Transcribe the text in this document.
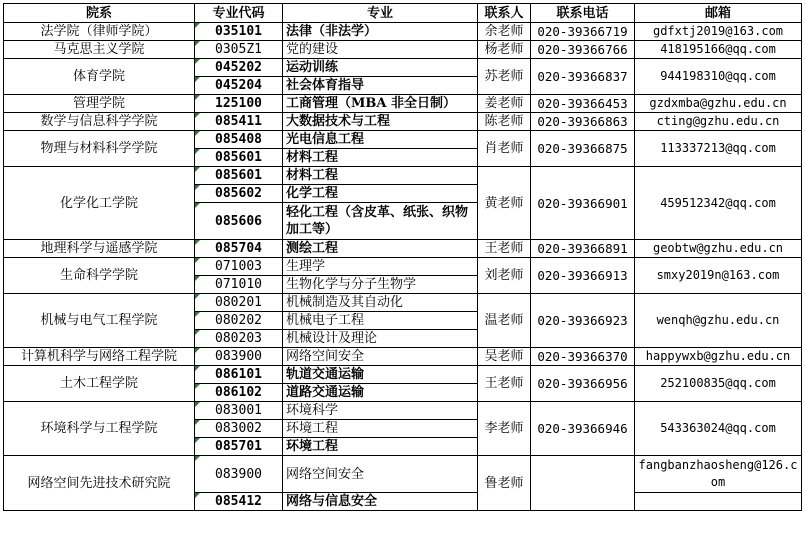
院系	专业代码	专业	联系人	联系电话	邮箱
法学院（律师学院）	035101	法律（非法学）	余老师	020-39366719	gdfxtj2019@163.com
马克思主义学院	0305Z1	党的建设	杨老师	020-39366766	418195166@qq.com
体育学院	045202	运动训练	苏老师	020-39366837	944198310@qq.com
	045204	社会体育指导			
管理学院	125100	工商管理（MBA 非全日制）	姜老师	020-39366453	gzdxmba@gzhu.edu.cn
数学与信息科学学院	085411	大数据技术与工程	陈老师	020-39366863	cting@gzhu.edu.cn
物理与材料科学学院	085408	光电信息工程	肖老师	020-39366875	113337213@qq.com
	085601	材料工程			
化学化工学院	085601	材料工程	黄老师	020-39366901	459512342@qq.com
	085602	化学工程			
	085606	轻化工程（含皮革、纸张、织物加工等）			
地理科学与遥感学院	085704	测绘工程	王老师	020-39366891	geobtw@gzhu.edu.cn
生命科学学院	071003	生理学	刘老师	020-39366913	smxy2019n@163.com
	071010	生物化学与分子生物学			
机械与电气工程学院	080201	机械制造及其自动化	温老师	020-39366923	wenqh@gzhu.edu.cn
	080202	机械电子工程			
	080203	机械设计及理论			
计算机科学与网络工程学院	083900	网络空间安全	吴老师	020-39366370	happywxb@gzhu.edu.cn
土木工程学院	086101	轨道交通运输	王老师	020-39366956	252100835@qq.com
	086102	道路交通运输			
环境科学与工程学院	083001	环境科学	李老师	020-39366946	543363024@qq.com
	083002	环境工程			
	085701	环境工程			
网络空间先进技术研究院	083900	网络空间安全	鲁老师		fangbanzhaosheng@126.com
	085412	网络与信息安全			
